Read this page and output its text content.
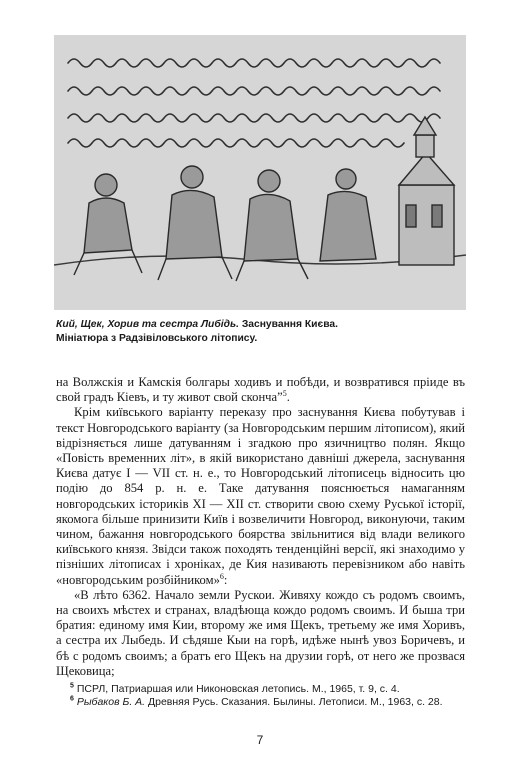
Кий, Щек, Хорив та сестра Либідь. Заснування Києва.
Мініатюра з Радзівіловського літопису.

на Волжскія и Камскія болгары ходивъ и побѣди, и возвратився пріиде въ свой градъ Кіевъ, и ту живот свой скончa”$^5$.

Крім київського варіанту переказу про заснування Києва побутував і текст Новгородського варіанту (за Новгородським першим літописом), який відрізняється лише датуванням і згадкою про язичництво полян. Якщо «Повість временних літ», в якій використано давніші джерела, заснування Києва датує І — VII ст. н. е., то Новгородський літописець відносить цю подію до 854 р. н. е. Таке датування пояснюється намаганням новгородських істориків XI — XII ст. створити свою схему Руської історії, якомога більше принизити Київ і возвеличити Новгород, виконуючи, таким чином, бажання новгородського боярства звільнитися від влади великого київського князя. Звідси також походять тенденційні версії, які знаходимо у пізніших літописах і хроніках, де Кия називають перевізником або навіть «новгородським розбійником»$^6$:

«В лѣто 6362. Начало земли Рускои. Живяху кождо съ родомъ своимъ, на своихъ мѣстех и странах, владѣюща кождо родомъ своимъ. И быша три братия: единому имя Кии, второму же имя Щекъ, третьему же имя Хоривъ, а сестра их Лыбедь. И сѣдяше Кыи на горѣ, идѣже нынѣ увоз Боричевъ, и бѣ с родомъ своимъ; а братъ его Щекъ на друзии горѣ, от него же прозвася Щековица;

$^5$ ПСРЛ, Патриаршая или Никоновская летопись. М., 1965, т. 9, с. 4.

$^6$ Рыбаков Б. А. Древняя Русь. Сказания. Былины. Летописи. М., 1963, с. 28.

7
